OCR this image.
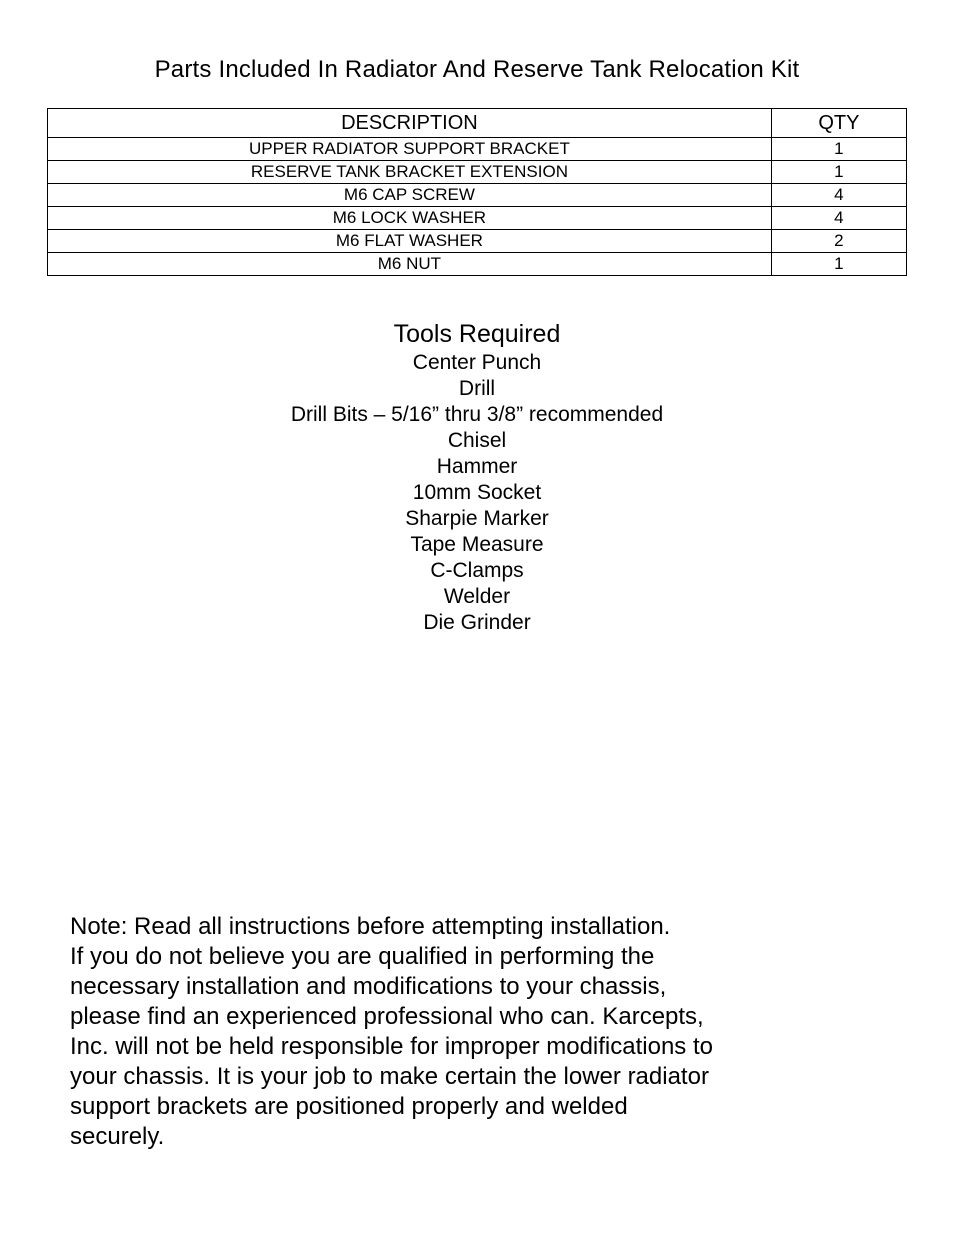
Parts Included In Radiator And Reserve Tank Relocation Kit
DESCRIPTION	QTY
UPPER RADIATOR SUPPORT BRACKET	1
RESERVE TANK BRACKET EXTENSION	1
M6 CAP SCREW	4
M6 LOCK WASHER	4
M6 FLAT WASHER	2
M6 NUT	1
Tools Required
Center Punch
Drill
Drill Bits – 5/16” thru 3/8” recommended
Chisel
Hammer
10mm Socket
Sharpie Marker
Tape Measure
C-Clamps
Welder
Die Grinder

Note: Read all instructions before attempting installation.

If you do not believe you are qualified in performing the

necessary installation and modifications to your chassis,

please find an experienced professional who can. Karcepts,

Inc. will not be held responsible for improper modifications to

your chassis. It is your job to make certain the lower radiator

support brackets are positioned properly and welded

securely.
